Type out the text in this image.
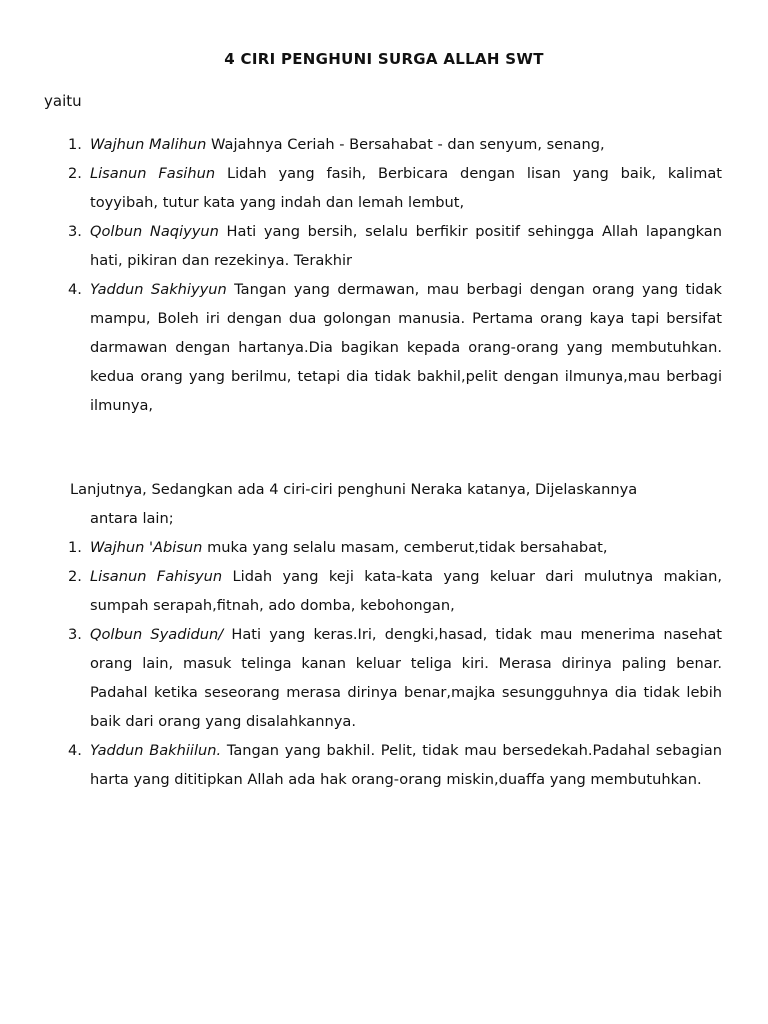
4 CIRI PENGHUNI SURGA ALLAH SWT
yaitu
1. Wajhun Malihun Wajahnya Ceriah - Bersahabat - dan senyum, senang,
2. Lisanun Fasihun Lidah yang fasih, Berbicara dengan lisan yang baik, kalimat toyyibah, tutur kata yang indah dan lemah lembut,
3. Qolbun Naqiyyun Hati yang bersih, selalu berfikir positif sehingga Allah lapangkan hati, pikiran dan rezekinya. Terakhir
4. Yaddun Sakhiyyun Tangan yang dermawan, mau berbagi dengan orang yang tidak mampu, Boleh iri dengan dua golongan manusia. Pertama orang kaya tapi bersifat darmawan dengan hartanya.Dia bagikan kepada orang-orang yang membutuhkan. kedua orang yang berilmu, tetapi dia tidak bakhil,pelit dengan ilmunya,mau berbagi ilmunya,
Lanjutnya, Sedangkan ada 4 ciri-ciri penghuni Neraka katanya, Dijelaskannya
antara lain;
1. Wajhun 'Abisun muka yang selalu masam, cemberut,tidak bersahabat,
2. Lisanun Fahisyun Lidah yang keji kata-kata yang keluar dari mulutnya makian, sumpah serapah,fitnah, ado domba, kebohongan,
3. Qolbun Syadidun/ Hati yang keras.Iri, dengki,hasad, tidak mau menerima nasehat orang lain, masuk telinga kanan keluar teliga kiri. Merasa dirinya paling benar. Padahal ketika seseorang merasa dirinya benar,majka sesungguhnya dia tidak lebih baik dari orang yang disalahkannya.
4. Yaddun Bakhiilun. Tangan yang bakhil. Pelit, tidak mau bersedekah.Padahal sebagian harta yang dititipkan Allah ada hak orang-orang miskin,duaffa yang membutuhkan.
